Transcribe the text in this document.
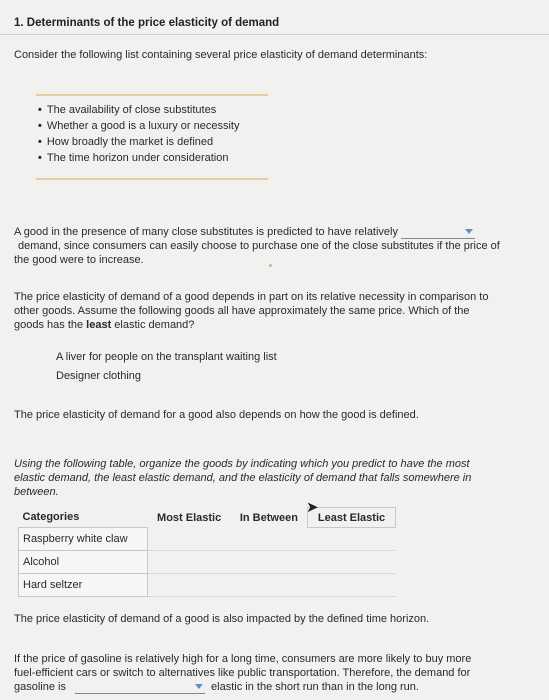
1. Determinants of the price elasticity of demand
Consider the following list containing several price elasticity of demand determinants:
• The availability of close substitutes
• Whether a good is a luxury or necessity
• How broadly the market is defined
• The time horizon under consideration
A good in the presence of many close substitutes is predicted to have relatively
demand, since consumers can easily choose to purchase one of the close substitutes if the price of
the good were to increase.
The price elasticity of demand of a good depends in part on its relative necessity in comparison to
other goods. Assume the following goods all have approximately the same price. Which of the
goods has the least elastic demand?
A liver for people on the transplant waiting list
Designer clothing
The price elasticity of demand for a good also depends on how the good is defined.
Using the following table, organize the goods by indicating which you predict to have the most
elastic demand, the least elastic demand, and the elasticity of demand that falls somewhere in
between.
Categories	Most Elastic	In Between	Least Elastic
Raspberry white claw			
Alcohol			
Hard seltzer			
➤
The price elasticity of demand of a good is also impacted by the defined time horizon.
If the price of gasoline is relatively high for a long time, consumers are more likely to buy more
fuel-efficient cars or switch to alternatives like public transportation. Therefore, the demand for
gasoline is	elastic in the short run than in the long run.
